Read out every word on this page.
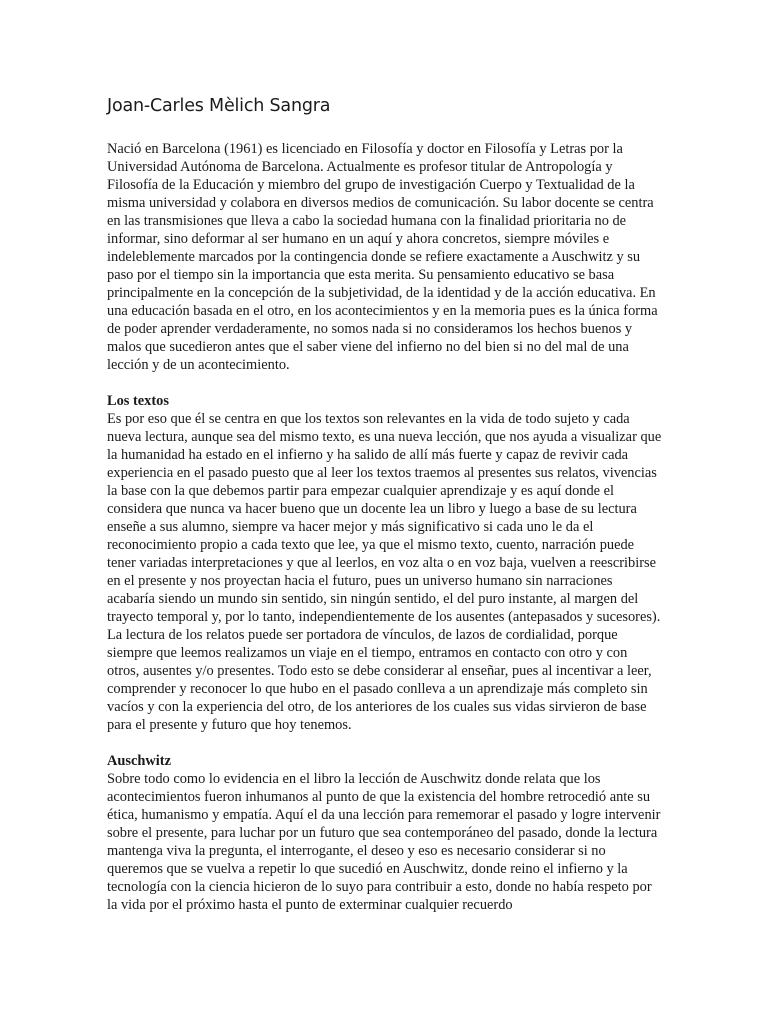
Joan-Carles Mèlich Sangra

Nació en Barcelona (1961) es licenciado en Filosofía y doctor en Filosofía y Letras por la Universidad Autónoma de Barcelona. Actualmente es profesor titular de Antropología y Filosofía de la Educación y miembro del grupo de investigación Cuerpo y Textualidad de la misma universidad y colabora en diversos medios de comunicación. Su labor docente se centra en las transmisiones que lleva a cabo la sociedad humana con la finalidad prioritaria no de informar, sino deformar al ser humano en un aquí y ahora concretos, siempre móviles e indeleblemente marcados por la contingencia donde se refiere exactamente a Auschwitz y su paso por el tiempo sin la importancia que esta merita. Su pensamiento educativo se basa principalmente en la concepción de la subjetividad, de la identidad y de la acción educativa. En una educación basada en el otro, en los acontecimientos y en la memoria pues es la única forma de poder aprender verdaderamente, no somos nada si no consideramos los hechos buenos y malos que sucedieron antes que el saber viene del infierno no del bien si no del mal de una lección y de un acontecimiento.

Los textos

Es por eso que él se centra en que los textos son relevantes en la vida de todo sujeto y cada nueva lectura, aunque sea del mismo texto, es una nueva lección, que nos ayuda a visualizar que la humanidad ha estado en el infierno y ha salido de allí más fuerte y capaz de revivir cada experiencia en el pasado puesto que al leer los textos traemos al presentes sus relatos, vivencias la base con la que debemos partir para empezar cualquier aprendizaje y es aquí donde el considera que nunca va hacer bueno que un docente lea un libro y luego a base de su lectura enseñe a sus alumno, siempre va hacer mejor y más significativo si cada uno le da el reconocimiento propio a cada texto que lee, ya que el mismo texto, cuento, narración puede tener variadas interpretaciones y que al leerlos, en voz alta o en voz baja, vuelven a reescribirse en el presente y nos proyectan hacia el futuro, pues un universo humano sin narraciones acabaría siendo un mundo sin sentido, sin ningún sentido, el del puro instante, al margen del trayecto temporal y, por lo tanto, independientemente de los ausentes (antepasados y sucesores). La lectura de los relatos puede ser portadora de vínculos, de lazos de cordialidad, porque siempre que leemos realizamos un viaje en el tiempo, entramos en contacto con otro y con otros, ausentes y/o presentes. Todo esto se debe considerar al enseñar, pues al incentivar a leer, comprender y reconocer lo que hubo en el pasado conlleva a un aprendizaje más completo sin vacíos y con la experiencia del otro, de los anteriores de los cuales sus vidas sirvieron de base para el presente y futuro que hoy tenemos.

Auschwitz

Sobre todo como lo evidencia en el libro la lección de Auschwitz donde relata que los acontecimientos fueron inhumanos al punto de que la existencia del hombre retrocedió ante su ética, humanismo y empatía. Aquí el da una lección para rememorar el pasado y logre intervenir sobre el presente, para luchar por un futuro que sea contemporáneo del pasado, donde la lectura mantenga viva la pregunta, el interrogante, el deseo y eso es necesario considerar si no queremos que se vuelva a repetir lo que sucedió en Auschwitz, donde reino el infierno y la tecnología con la ciencia hicieron de lo suyo para contribuir a esto, donde no había respeto por la vida por el próximo hasta el punto de exterminar cualquier recuerdo
